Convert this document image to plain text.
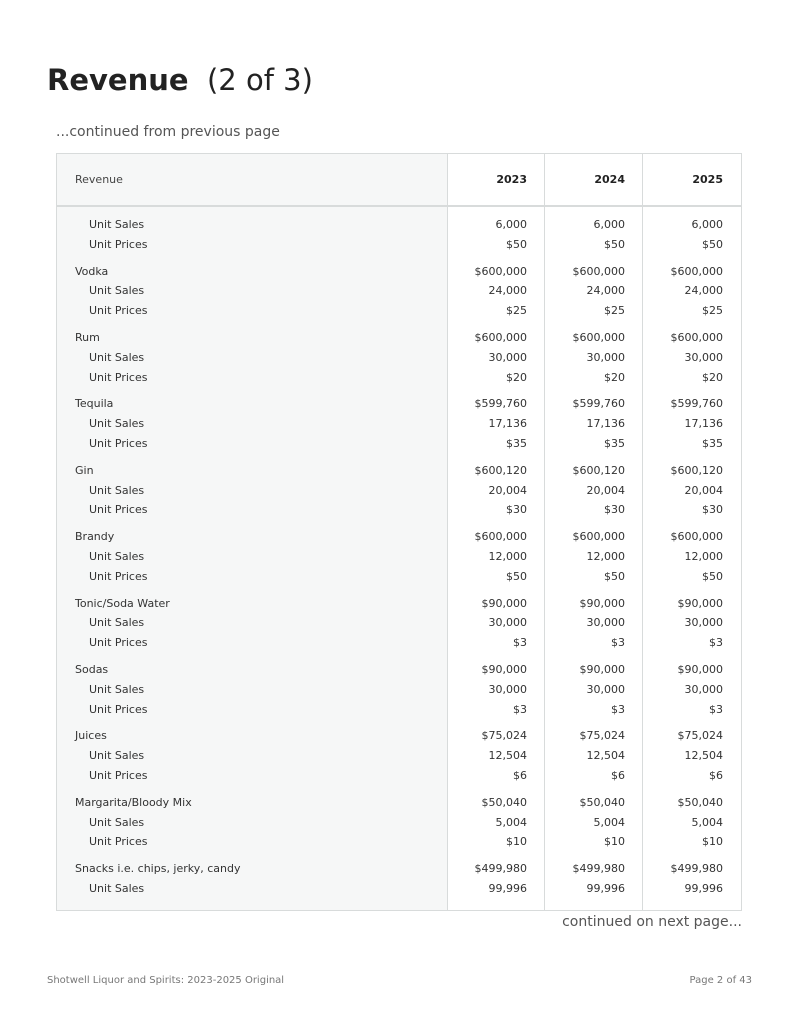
Revenue (2 of 3)
...continued from previous page
Revenue	2023	2024	2025
Unit Sales	6,000	6,000	6,000
Unit Prices	$50	$50	$50
Vodka	$600,000	$600,000	$600,000
Unit Sales	24,000	24,000	24,000
Unit Prices	$25	$25	$25
Rum	$600,000	$600,000	$600,000
Unit Sales	30,000	30,000	30,000
Unit Prices	$20	$20	$20
Tequila	$599,760	$599,760	$599,760
Unit Sales	17,136	17,136	17,136
Unit Prices	$35	$35	$35
Gin	$600,120	$600,120	$600,120
Unit Sales	20,004	20,004	20,004
Unit Prices	$30	$30	$30
Brandy	$600,000	$600,000	$600,000
Unit Sales	12,000	12,000	12,000
Unit Prices	$50	$50	$50
Tonic/Soda Water	$90,000	$90,000	$90,000
Unit Sales	30,000	30,000	30,000
Unit Prices	$3	$3	$3
Sodas	$90,000	$90,000	$90,000
Unit Sales	30,000	30,000	30,000
Unit Prices	$3	$3	$3
Juices	$75,024	$75,024	$75,024
Unit Sales	12,504	12,504	12,504
Unit Prices	$6	$6	$6
Margarita/Bloody Mix	$50,040	$50,040	$50,040
Unit Sales	5,004	5,004	5,004
Unit Prices	$10	$10	$10
Snacks i.e. chips, jerky, candy	$499,980	$499,980	$499,980
Unit Sales	99,996	99,996	99,996
continued on next page...
Shotwell Liquor and Spirits: 2023-2025 Original	Page 2 of 43
